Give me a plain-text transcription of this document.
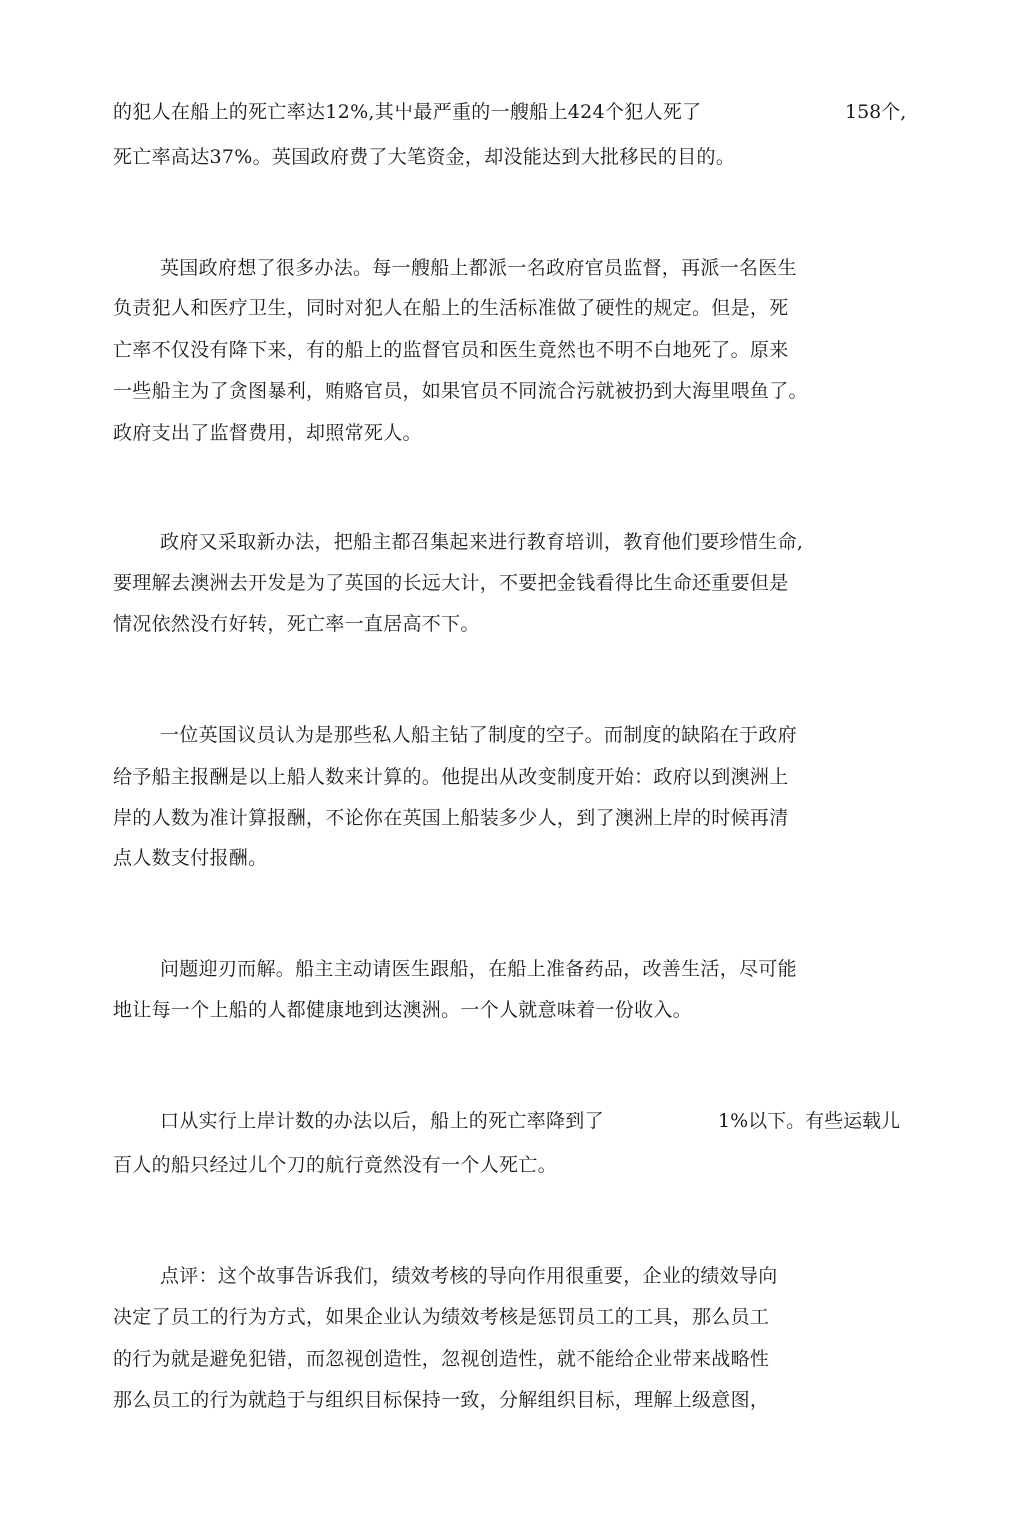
的犯人在船上的死亡率达12%,其屮最严重的一艘船上424个犯人死了	158个,
死亡率高达37%。英国政府费了大笔资金，却没能达到大批移民的目的。
英国政府想了很多办法。每一艘船上都派一名政府官员监督，再派一名医生
负责犯人和医疗卫生，同时对犯人在船上的生活标准做了硬性的规定。但是，死
亡率不仅没有降下来，有的船上的监督官员和医生竟然也不明不白地死了。原来
一些船主为了贪图暴利，贿赂官员，如果官员不同流合污就被扔到大海里喂鱼了。
政府支出了监督费用，却照常死人。
政府又采取新办法，把船主都召集起来进行教育培训，教育他们要珍惜生命,
要理解去澳洲去开发是为了英国的长远大计，不要把金钱看得比生命还重要但是
情况依然没冇好转，死亡率一直居高不下。
一位英国议员认为是那些私人船主钻了制度的空子。而制度的缺陷在于政府
给予船主报酬是以上船人数来计算的。他提出从改变制度开始：政府以到澳洲上
岸的人数为准计算报酬，不论你在英国上船装多少人，到了澳洲上岸的时候再清
点人数支付报酬。
问题迎刃而解。船主主动请医生跟船，在船上准备药品，改善生活，尽可能
地让每一个上船的人都健康地到达澳洲。一个人就意味着一份收入。
口从实行上岸计数的办法以后，船上的死亡率降到了	1%以下。有些运载儿
百人的船只经过儿个刀的航行竟然没有一个人死亡。
点评：这个故事告诉我们，绩效考核的导向作用很重要，企业的绩效导向
决定了员工的行为方式，如果企业认为绩效考核是惩罚员工的工具，那么员工
的行为就是避免犯错，而忽视创造性，忽视创造性，就不能给企业带来战略性
那么员工的行为就趋于与组织目标保持一致，分解组织目标，理解上级意图，
